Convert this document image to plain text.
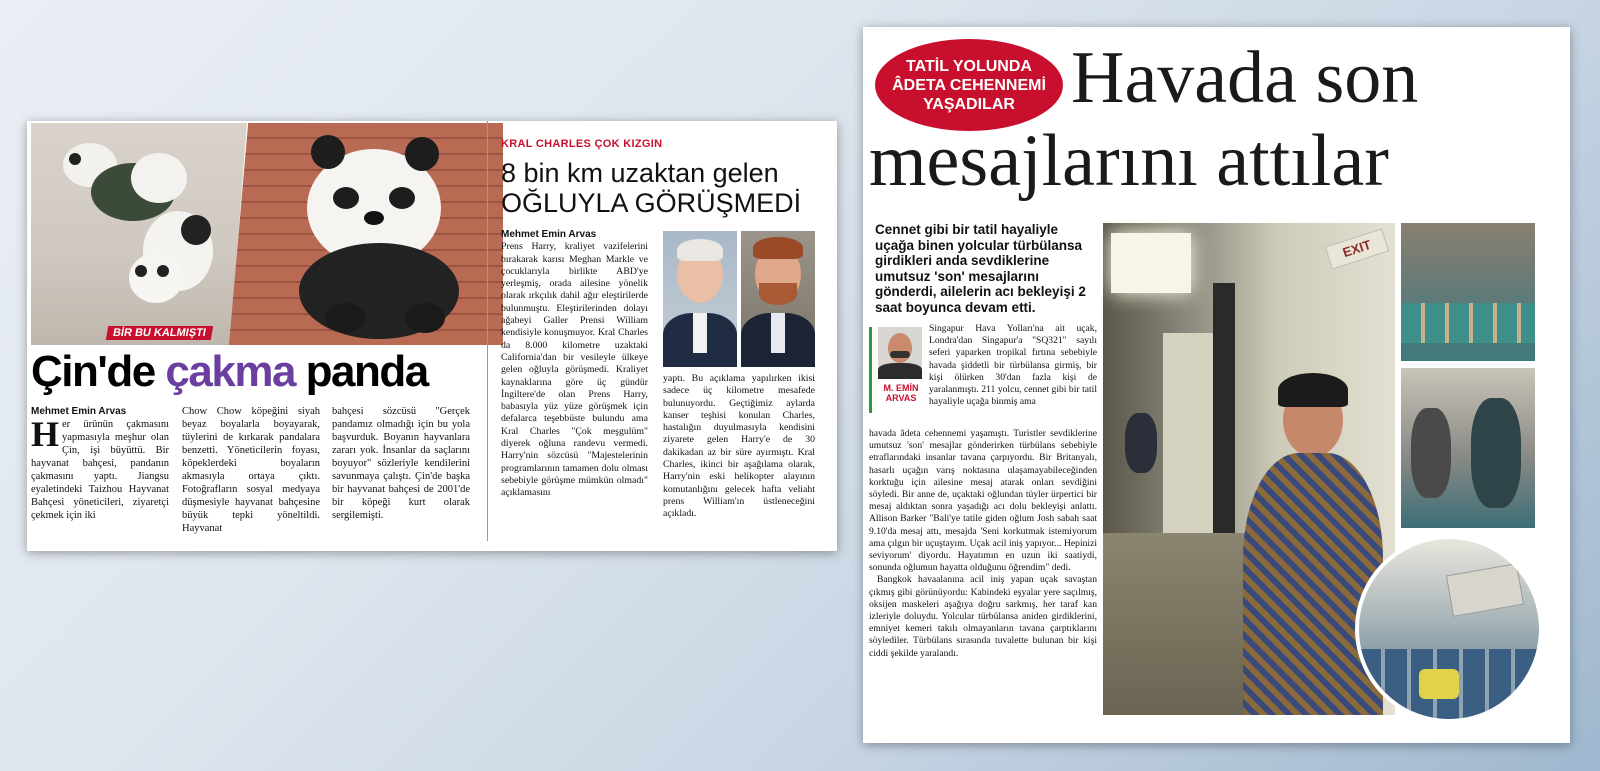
BİR BU KALMIŞTI
Çin'de çakma panda
Mehmet Emin Arvas
H er ürünün çakmasını yapmasıyla meşhur olan Çin, işi büyüttü. Bir hayvanat bahçesi, pandanın çakmasını yaptı. Jiangsu eyaletindeki Taizhou Hayvanat Bahçesi yöneticileri, ziyaretçi çekmek için iki
Chow Chow köpeğini siyah beyaz boyalarla boyayarak, tüylerini de kırkarak pandalara benzetti. Yöneticilerin foyası, köpeklerdeki boyaların akmasıyla ortaya çıktı. Fotoğrafların sosyal medyaya düşmesiyle hayvanat bahçesine büyük tepki yöneltildi. Hayvanat
bahçesi sözcüsü "Gerçek pandamız olmadığı için bu yola başvurduk. Boyanın hayvanlara zararı yok. İnsanlar da saçlarını boyuyor" sözleriyle kendilerini savunmaya çalıştı. Çin'de başka bir hayvanat bahçesi de 2001'de bir köpeği kurt olarak sergilemişti.
KRAL CHARLES ÇOK KIZGIN
8 bin km uzaktan gelen
OĞLUYLA GÖRÜŞMEDİ
Mehmet Emin Arvas
Prens Harry, kraliyet vazifelerini bırakarak karısı Meghan Markle ve çocuklarıyla birlikte ABD'ye yerleşmiş, orada ailesine yönelik olarak ırkçılık dahil ağır eleştirilerde bulunmuştu. Eleştirilerinden dolayı ağabeyi Galler Prensi William kendisiyle konuşmuyor. Kral Charles da 8.000 kilometre uzaktaki California'dan bir vesileyle ülkeye gelen oğluyla görüşmedi. Kraliyet kaynaklarına göre üç gündür İngiltere'de olan Prens Harry, babasıyla yüz yüze görüşmek için defalarca teşebbüste bulundu ama Kral Charles "Çok meşgulüm" diyerek oğluna randevu vermedi. Harry'nin sözcüsü "Majestelerinin programlarının tamamen dolu olması sebebiyle görüşme mümkün olmadı" açıklamasını
yaptı. Bu açıklama yapılırken ikisi sadece üç kilometre mesafede bulunuyordu. Geçtiğimiz aylarda kanser teşhisi konulan Charles, hastalığın duyulmasıyla kendisini ziyarete gelen Harry'e de 30 dakikadan az bir süre ayırmıştı. Kral Charles, ikinci bir aşağılama olarak, Harry'nin eski helikopter alayının komutanlığını gelecek hafta veliaht prens William'ın üstleneceğini açıkladı.
TATİL YOLUNDA
ÂDETA CEHENNEMİ
YAŞADILAR Havada son
mesajlarını attılar
Cennet gibi bir tatil hayaliyle uçağa binen yolcular türbülansa girdikleri anda sevdiklerine umutsuz 'son' mesajlarını gönderdi, ailelerin acı bekleyişi 2 saat boyunca devam etti.
M. EMİN
ARVAS
Singapur Hava Yolları'na ait uçak, Londra'dan Singapur'a "SQ321" sayılı seferi yaparken tropikal fırtına sebebiyle havada şiddetli bir türbülansa girmiş, bir kişi ölürken 30'dan fazla kişi de yaralanmıştı. 211 yolcu, cennet gibi bir tatil hayaliyle uçağa binmiş ama
havada âdeta cehennemi yaşamıştı. Turistler sevdiklerine umutsuz 'son' mesajlar gönderirken türbülans sebebiyle etraflarındaki insanlar tavana çarpıyordu. Bir Britanyalı, hasarlı uçağın varış noktasına ulaşamayabileceğinden korktuğu için ailesine mesaj atarak onları sevdiğini söyledi. Bir anne de, uçaktaki oğlundan tüyler ürpertici bir mesaj aldıktan sonra yaşadığı acı dolu bekleyişi anlattı. Allison Barker "Bali'ye tatile giden oğlum Josh sabah saat 9.10'da mesaj attı, mesajda 'Seni korkutmak istemiyorum ama çılgın bir uçuştayım. Uçak acil iniş yapıyor... Hepinizi seviyorum' diyordu. Hayatımın en uzun iki saatiydi, sonunda oğlumun hayatta olduğunu öğrendim" dedi.
Bangkok havaalanına acil iniş yapan uçak savaştan çıkmış gibi görünüyordu: Kabindeki eşyalar yere saçılmış, oksijen maskeleri aşağıya doğru sarkmış, her taraf kan izleriyle doluydu. Yolcular türbülansa aniden girdiklerini, emniyet kemeri takılı olmayanların tavana çarptıklarını söylediler. Türbülans sırasında tuvalette bulunan bir kişi ciddi şekilde yaralandı.
EXIT
